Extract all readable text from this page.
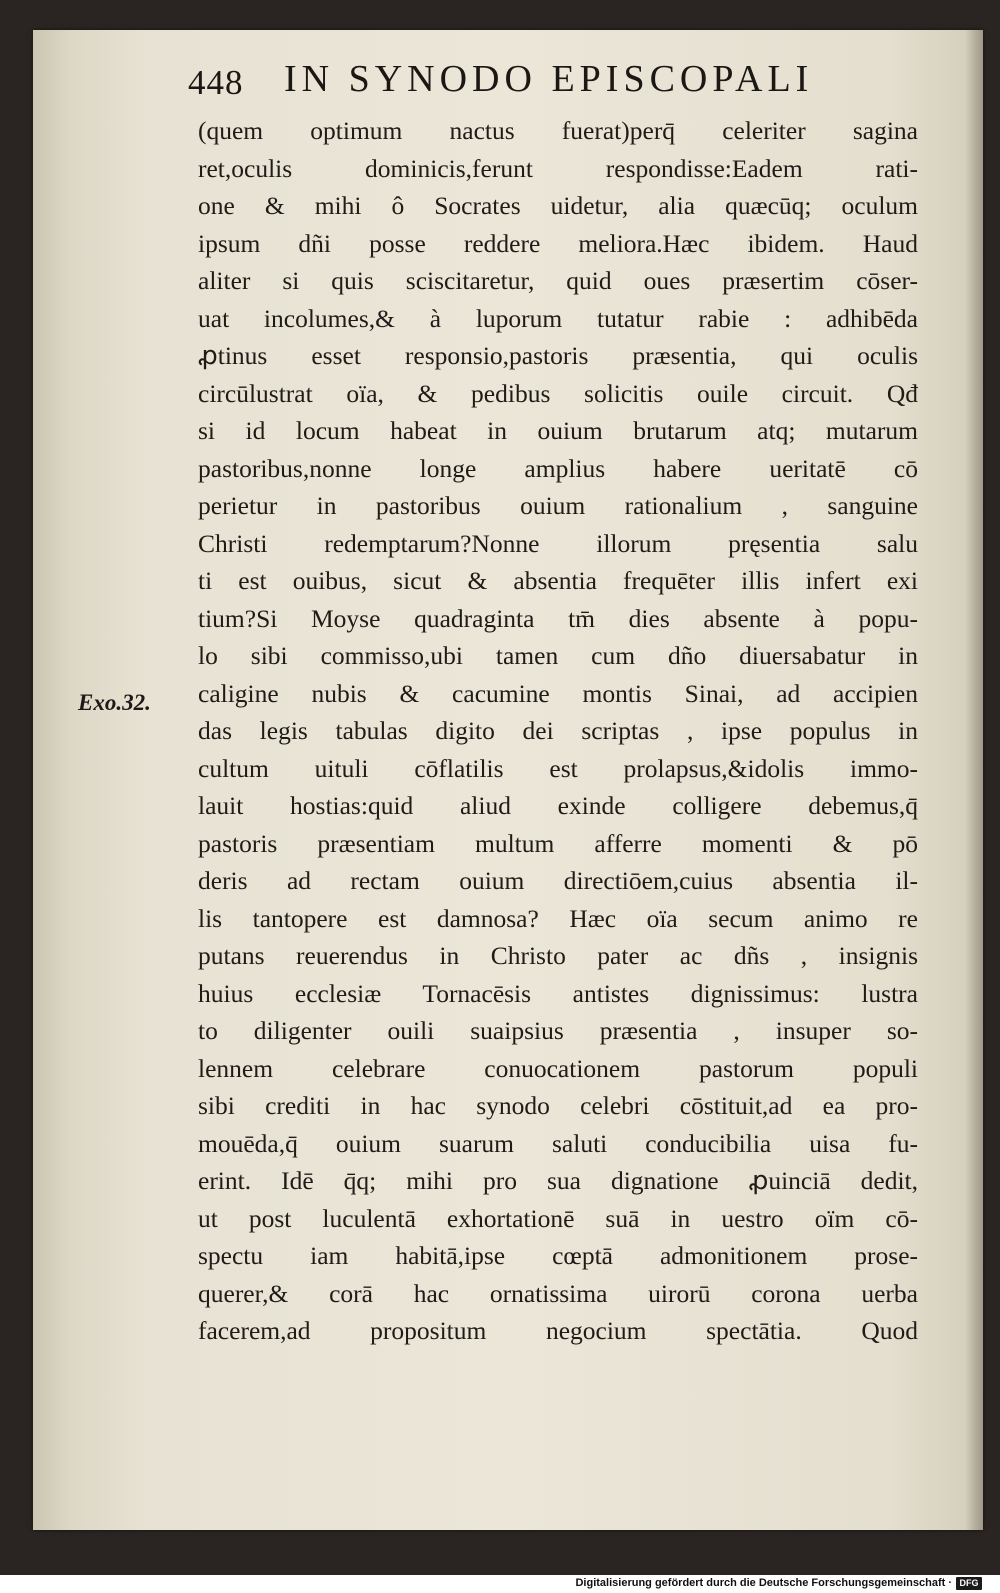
448 IN SYNODO EPISCOPALI
Exo.32.
(quem optimum nactus fuerat)perq̄ celeriter sagina
ret,oculis dominicis,ferunt respondisse:Eadem rati-
one & mihi ô Socrates uidetur, alia quæcūq; oculum
ipsum dñi posse reddere meliora.Hæc ibidem. Haud
aliter si quis sciscitaretur, quid oues præsertim cōser-
uat incolumes,& à luporum tutatur rabie : adhibēda
ꝓtinus esset responsio,pastoris præsentia, qui oculis
circūlustrat oïa, & pedibus solicitis ouile circuit. Qđ
si id locum habeat in ouium brutarum atq; mutarum
pastoribus,nonne longe amplius habere ueritatē cō
perietur in pastoribus ouium rationalium , sanguine
Christi redemptarum?Nonne illorum pręsentia salu
ti est ouibus, sicut & absentia frequēter illis infert exi
tium?Si Moyse quadraginta tm̄ dies absente à popu-
lo sibi commisso,ubi tamen cum dño diuersabatur in
caligine nubis & cacumine montis Sinai, ad accipien
das legis tabulas digito dei scriptas , ipse populus in
cultum uituli cōflatilis est prolapsus,&idolis immo-
lauit hostias:quid aliud exinde colligere debemus,q̄
pastoris præsentiam multum afferre momenti & pō
deris ad rectam ouium directiōem,cuius absentia il-
lis tantopere est damnosa? Hæc oïa secum animo re
putans reuerendus in Christo pater ac dñs , insignis
huius ecclesiæ Tornacēsis antistes dignissimus: lustra
to diligenter ouili suaipsius præsentia , insuper so-
lennem celebrare conuocationem pastorum populi
sibi crediti in hac synodo celebri cōstituit,ad ea pro-
mouēda,q̄ ouium suarum saluti conducibilia uisa fu-
erint. Idē q̄q; mihi pro sua dignatione ꝓuinciā dedit,
ut post luculentā exhortationē suā in uestro oïm cō-
spectu iam habitā,ipse cœptā admonitionem prose-
querer,& corā hac ornatissima uirorū corona uerba
facerem,ad propositum negocium spectātia. Quod
Digitalisierung gefördert durch die Deutsche Forschungsgemeinschaft · DFG
